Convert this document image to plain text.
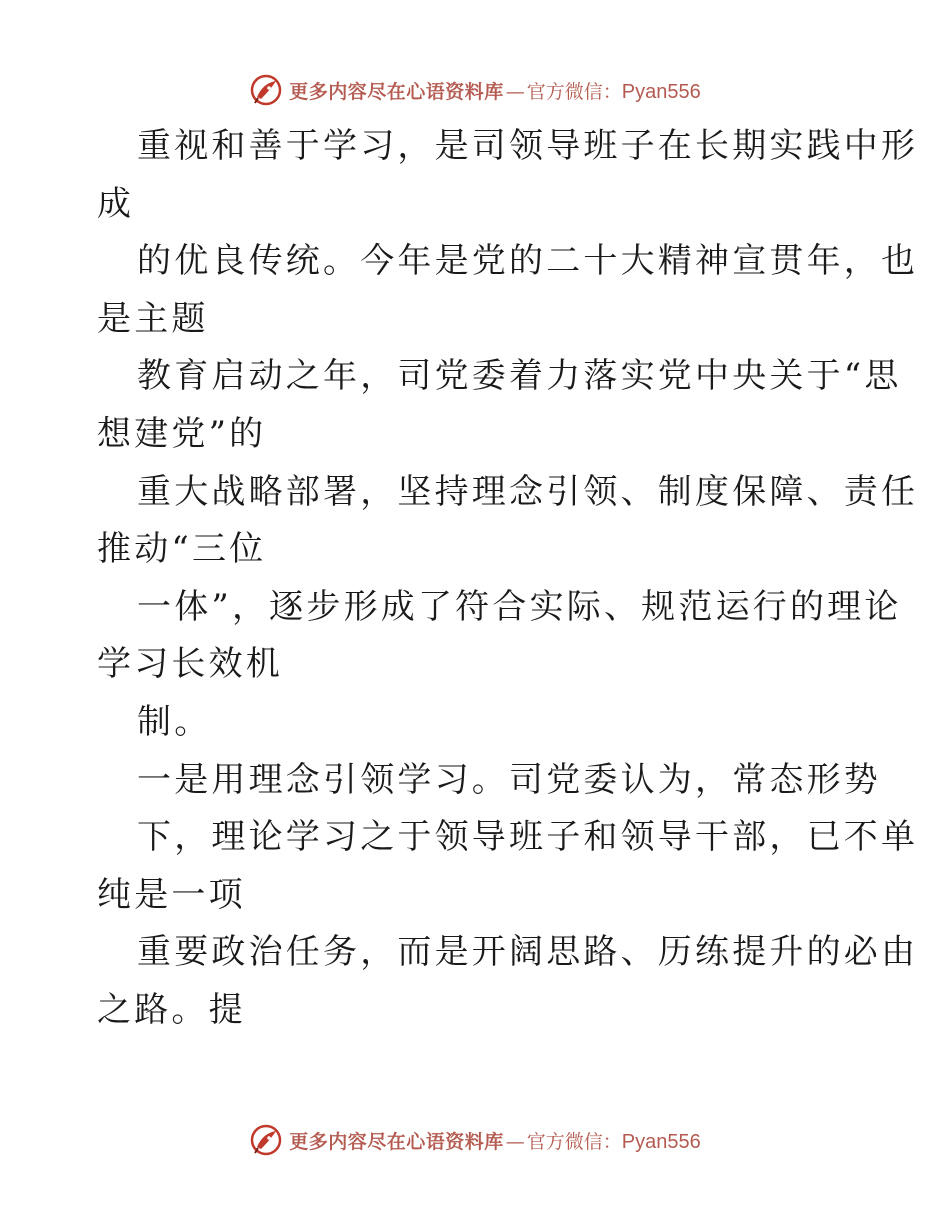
更多内容尽在心语资料库 — 官方微信： Pyan556
重视和善于学习，是司领导班子在长期实践中形
成
的优良传统。今年是党的二十大精神宣贯年，也
是主题
教育启动之年，司党委着力落实党中央关于“思
想建党”的
重大战略部署，坚持理念引领、制度保障、责任
推动“三位
一体”，逐步形成了符合实际、规范运行的理论
学习长效机
制。
一是用理念引领学习。司党委认为，常态形势
下，理论学习之于领导班子和领导干部，已不单
纯是一项
重要政治任务，而是开阔思路、历练提升的必由
之路。提
更多内容尽在心语资料库 — 官方微信： Pyan556
